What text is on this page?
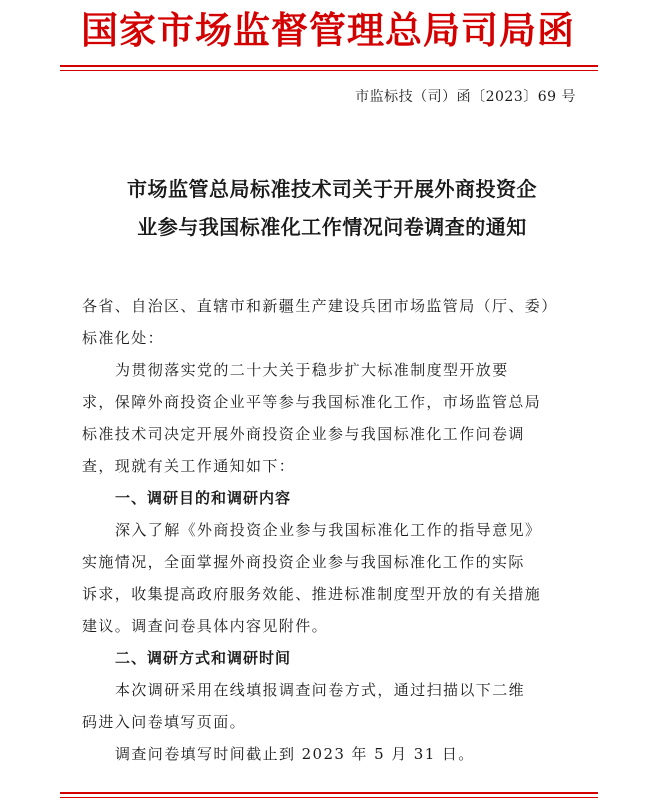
国家市场监督管理总局司局函
市监标技（司）函〔2023〕69 号
市场监管总局标准技术司关于开展外商投资企
业参与我国标准化工作情况问卷调查的通知
各省、自治区、直辖市和新疆生产建设兵团市场监管局（厅、委）
标准化处：
为贯彻落实党的二十大关于稳步扩大标准制度型开放要
求，保障外商投资企业平等参与我国标准化工作，市场监管总局
标准技术司决定开展外商投资企业参与我国标准化工作问卷调
查，现就有关工作通知如下：
一、调研目的和调研内容
深入了解《外商投资企业参与我国标准化工作的指导意见》
实施情况，全面掌握外商投资企业参与我国标准化工作的实际
诉求，收集提高政府服务效能、推进标准制度型开放的有关措施
建议。调查问卷具体内容见附件。
二、调研方式和调研时间
本次调研采用在线填报调查问卷方式，通过扫描以下二维
码进入问卷填写页面。
调查问卷填写时间截止到 2023 年 5 月 31 日。
